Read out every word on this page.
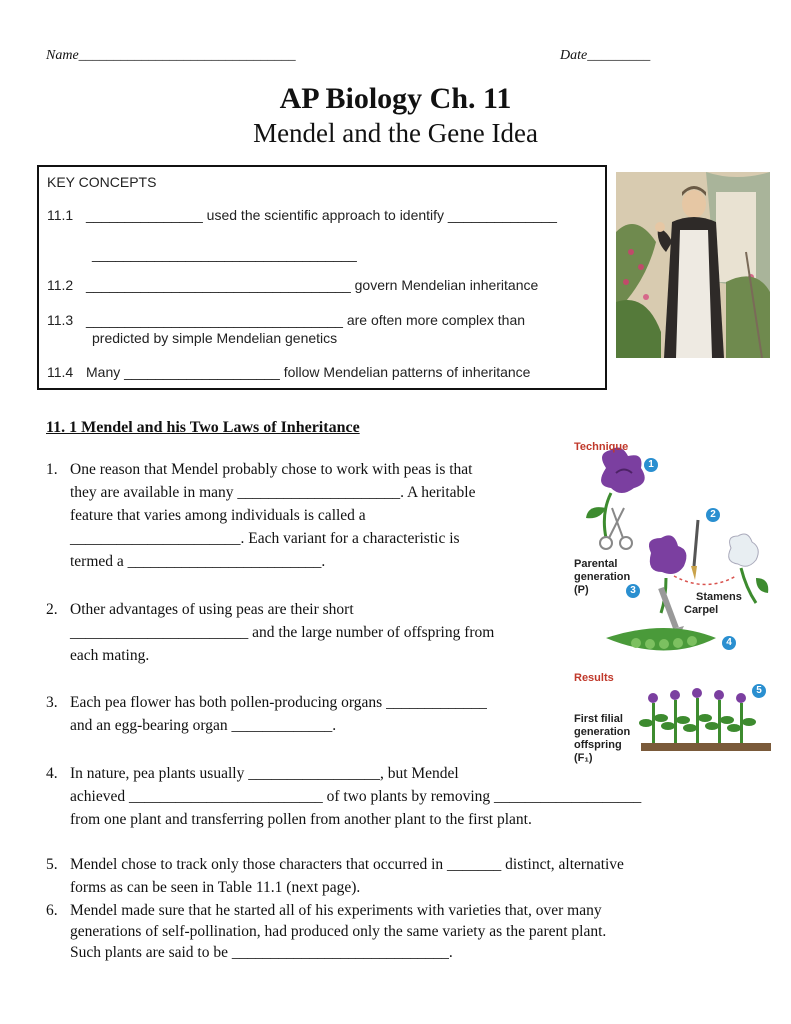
Name_______________________________	Date_________
AP Biology Ch. 11
Mendel and the Gene Idea
KEY CONCEPTS
11.1 _______________ used the scientific approach to identify ______________
__________________________________
11.2 __________________________________ govern Mendelian inheritance
11.3 _________________________________ are often more complex than
predicted by simple Mendelian genetics
11.4 Many ____________________ follow Mendelian patterns of inheritance
11. 1 Mendel and his Two Laws of Inheritance
1. One reason that Mendel probably chose to work with peas is that
they are available in many _____________________. A heritable
feature that varies among individuals is called a
______________________. Each variant for a characteristic is
termed a _________________________.
2. Other advantages of using peas are their short
_______________________ and the large number of offspring from
each mating.
3. Each pea flower has both pollen-producing organs _____________
and an egg-bearing organ _____________.
4. In nature, pea plants usually _________________, but Mendel
achieved _________________________ of two plants by removing ___________________
from one plant and transferring pollen from another plant to the first plant.
5. Mendel chose to track only those characters that occurred in _______ distinct, alternative
forms as can be seen in Table 11.1 (next page).
6. Mendel made sure that he started all of his experiments with varieties that, over many
generations of self-pollination, had produced only the same variety as the parent plant.
Such plants are said to be ____________________________.
Technique
Results
1
2
3
4
5
Parental
generation
(P)
Stamens
Carpel
First filial
generation
offspring
(F₁)
